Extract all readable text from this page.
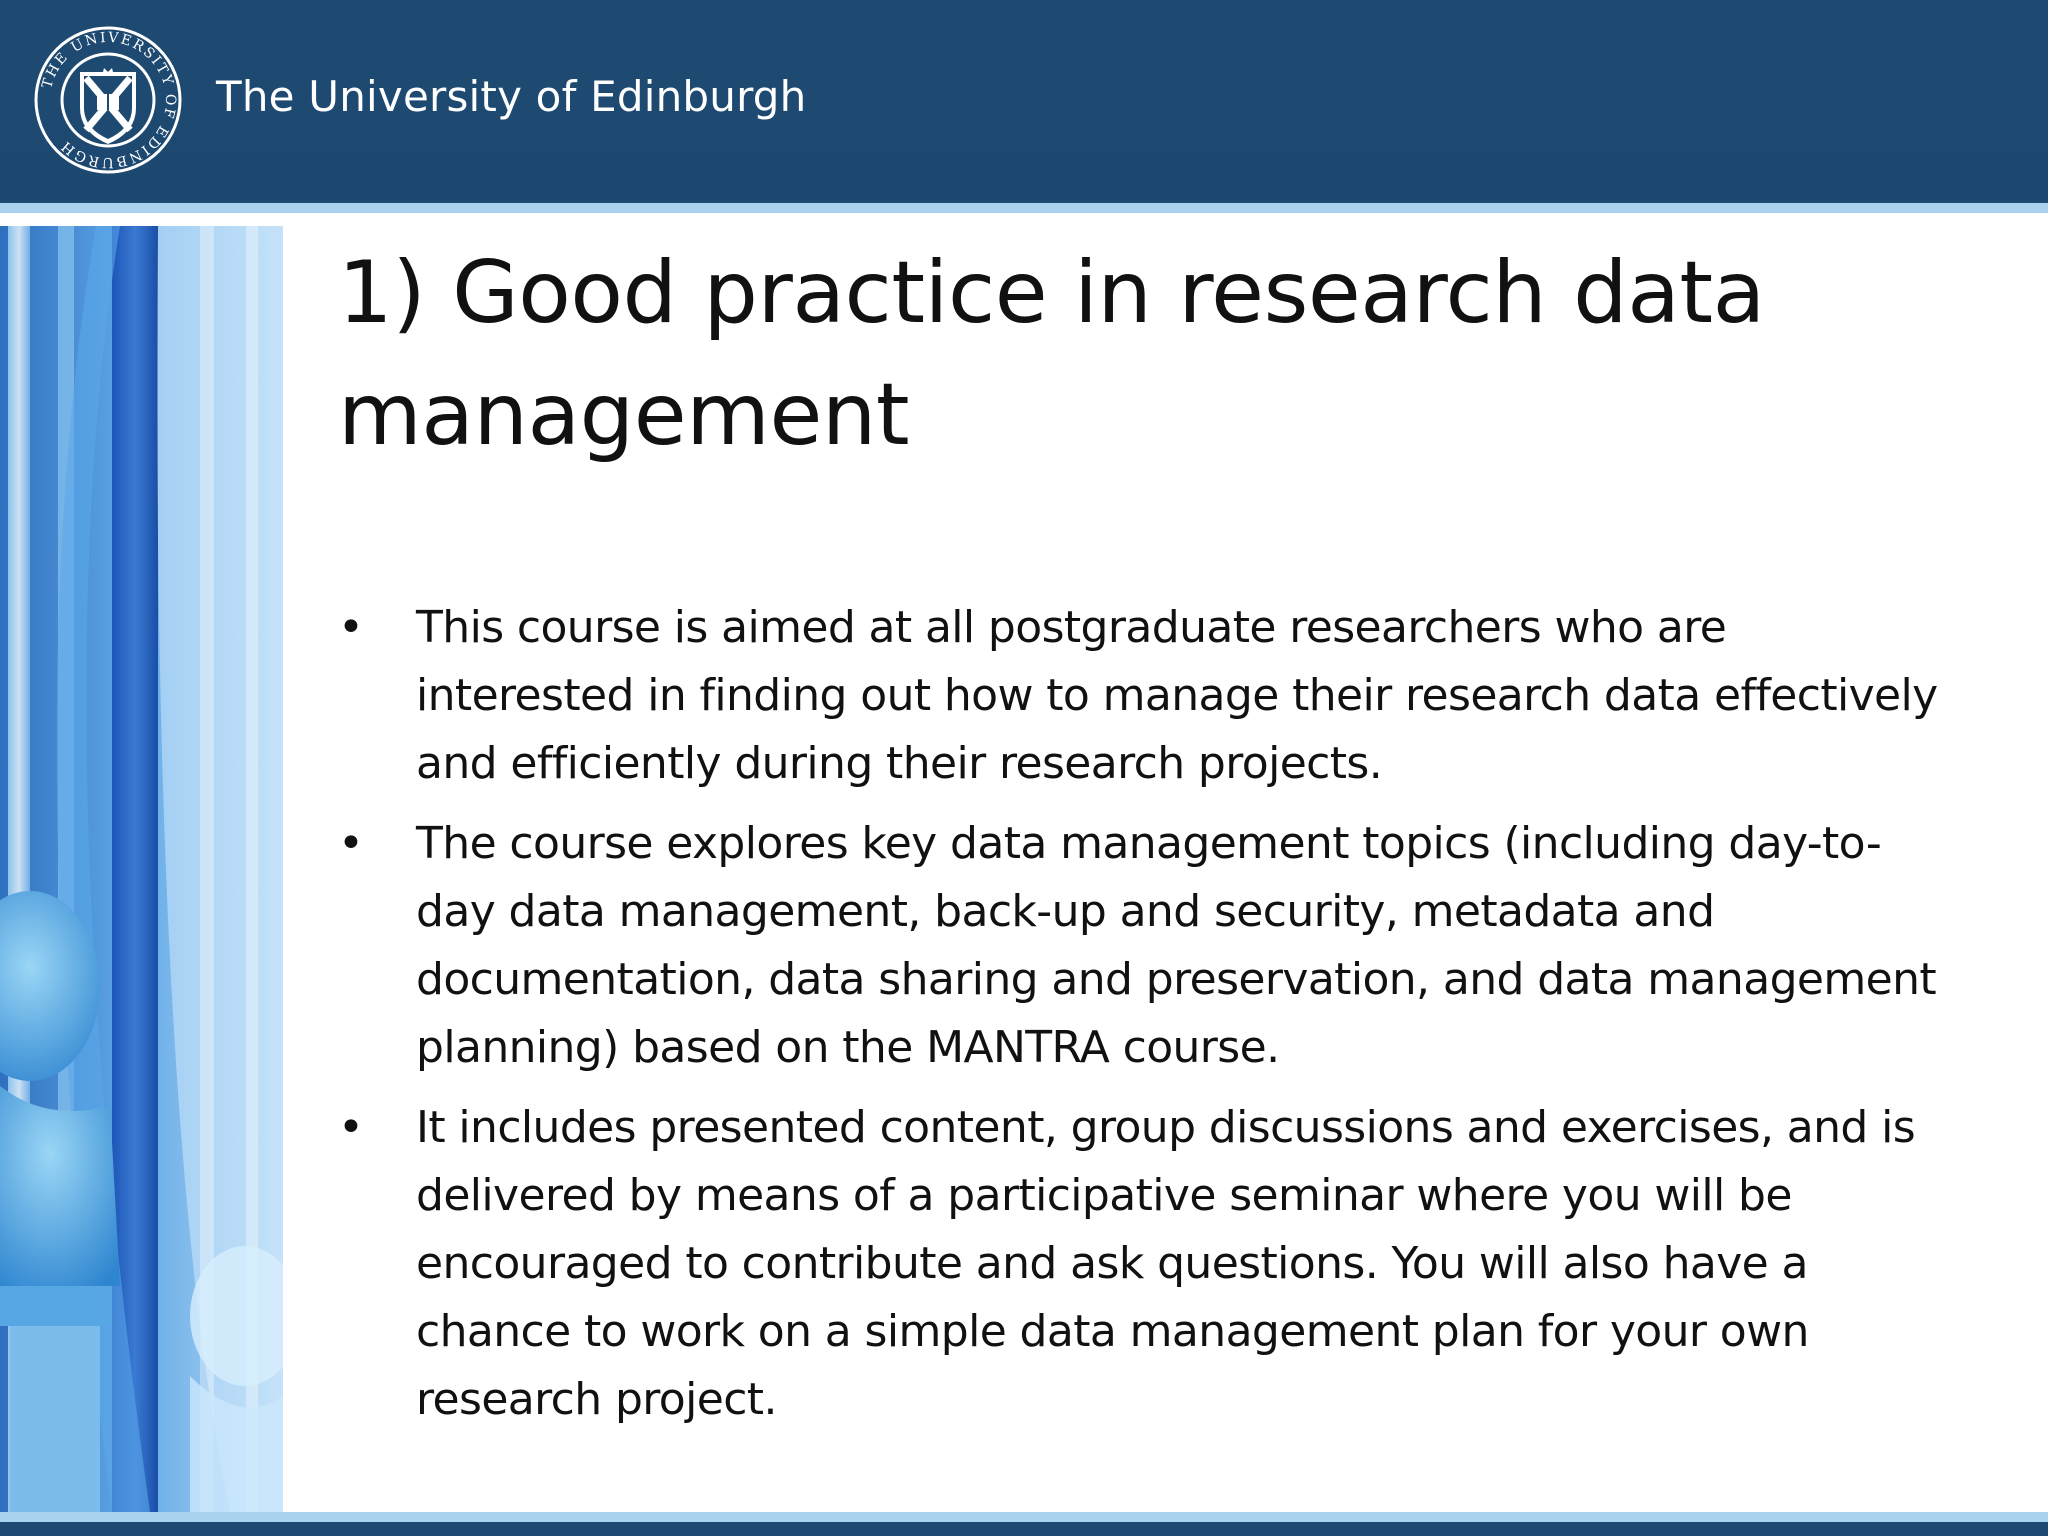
THE UNIVERSITY OF EDINBURGH
The University of Edinburgh
1) Good practice in research data management
• This course is aimed at all postgraduate researchers who are interested in finding out how to manage their research data effectively and efficiently during their research projects.
• The course explores key data management topics (including day-to-day data management, back-up and security, metadata and documentation, data sharing and preservation, and data management planning) based on the MANTRA course.
• It includes presented content, group discussions and exercises, and is delivered by means of a participative seminar where you will be encouraged to contribute and ask questions. You will also have a chance to work on a simple data management plan for your own research project.
